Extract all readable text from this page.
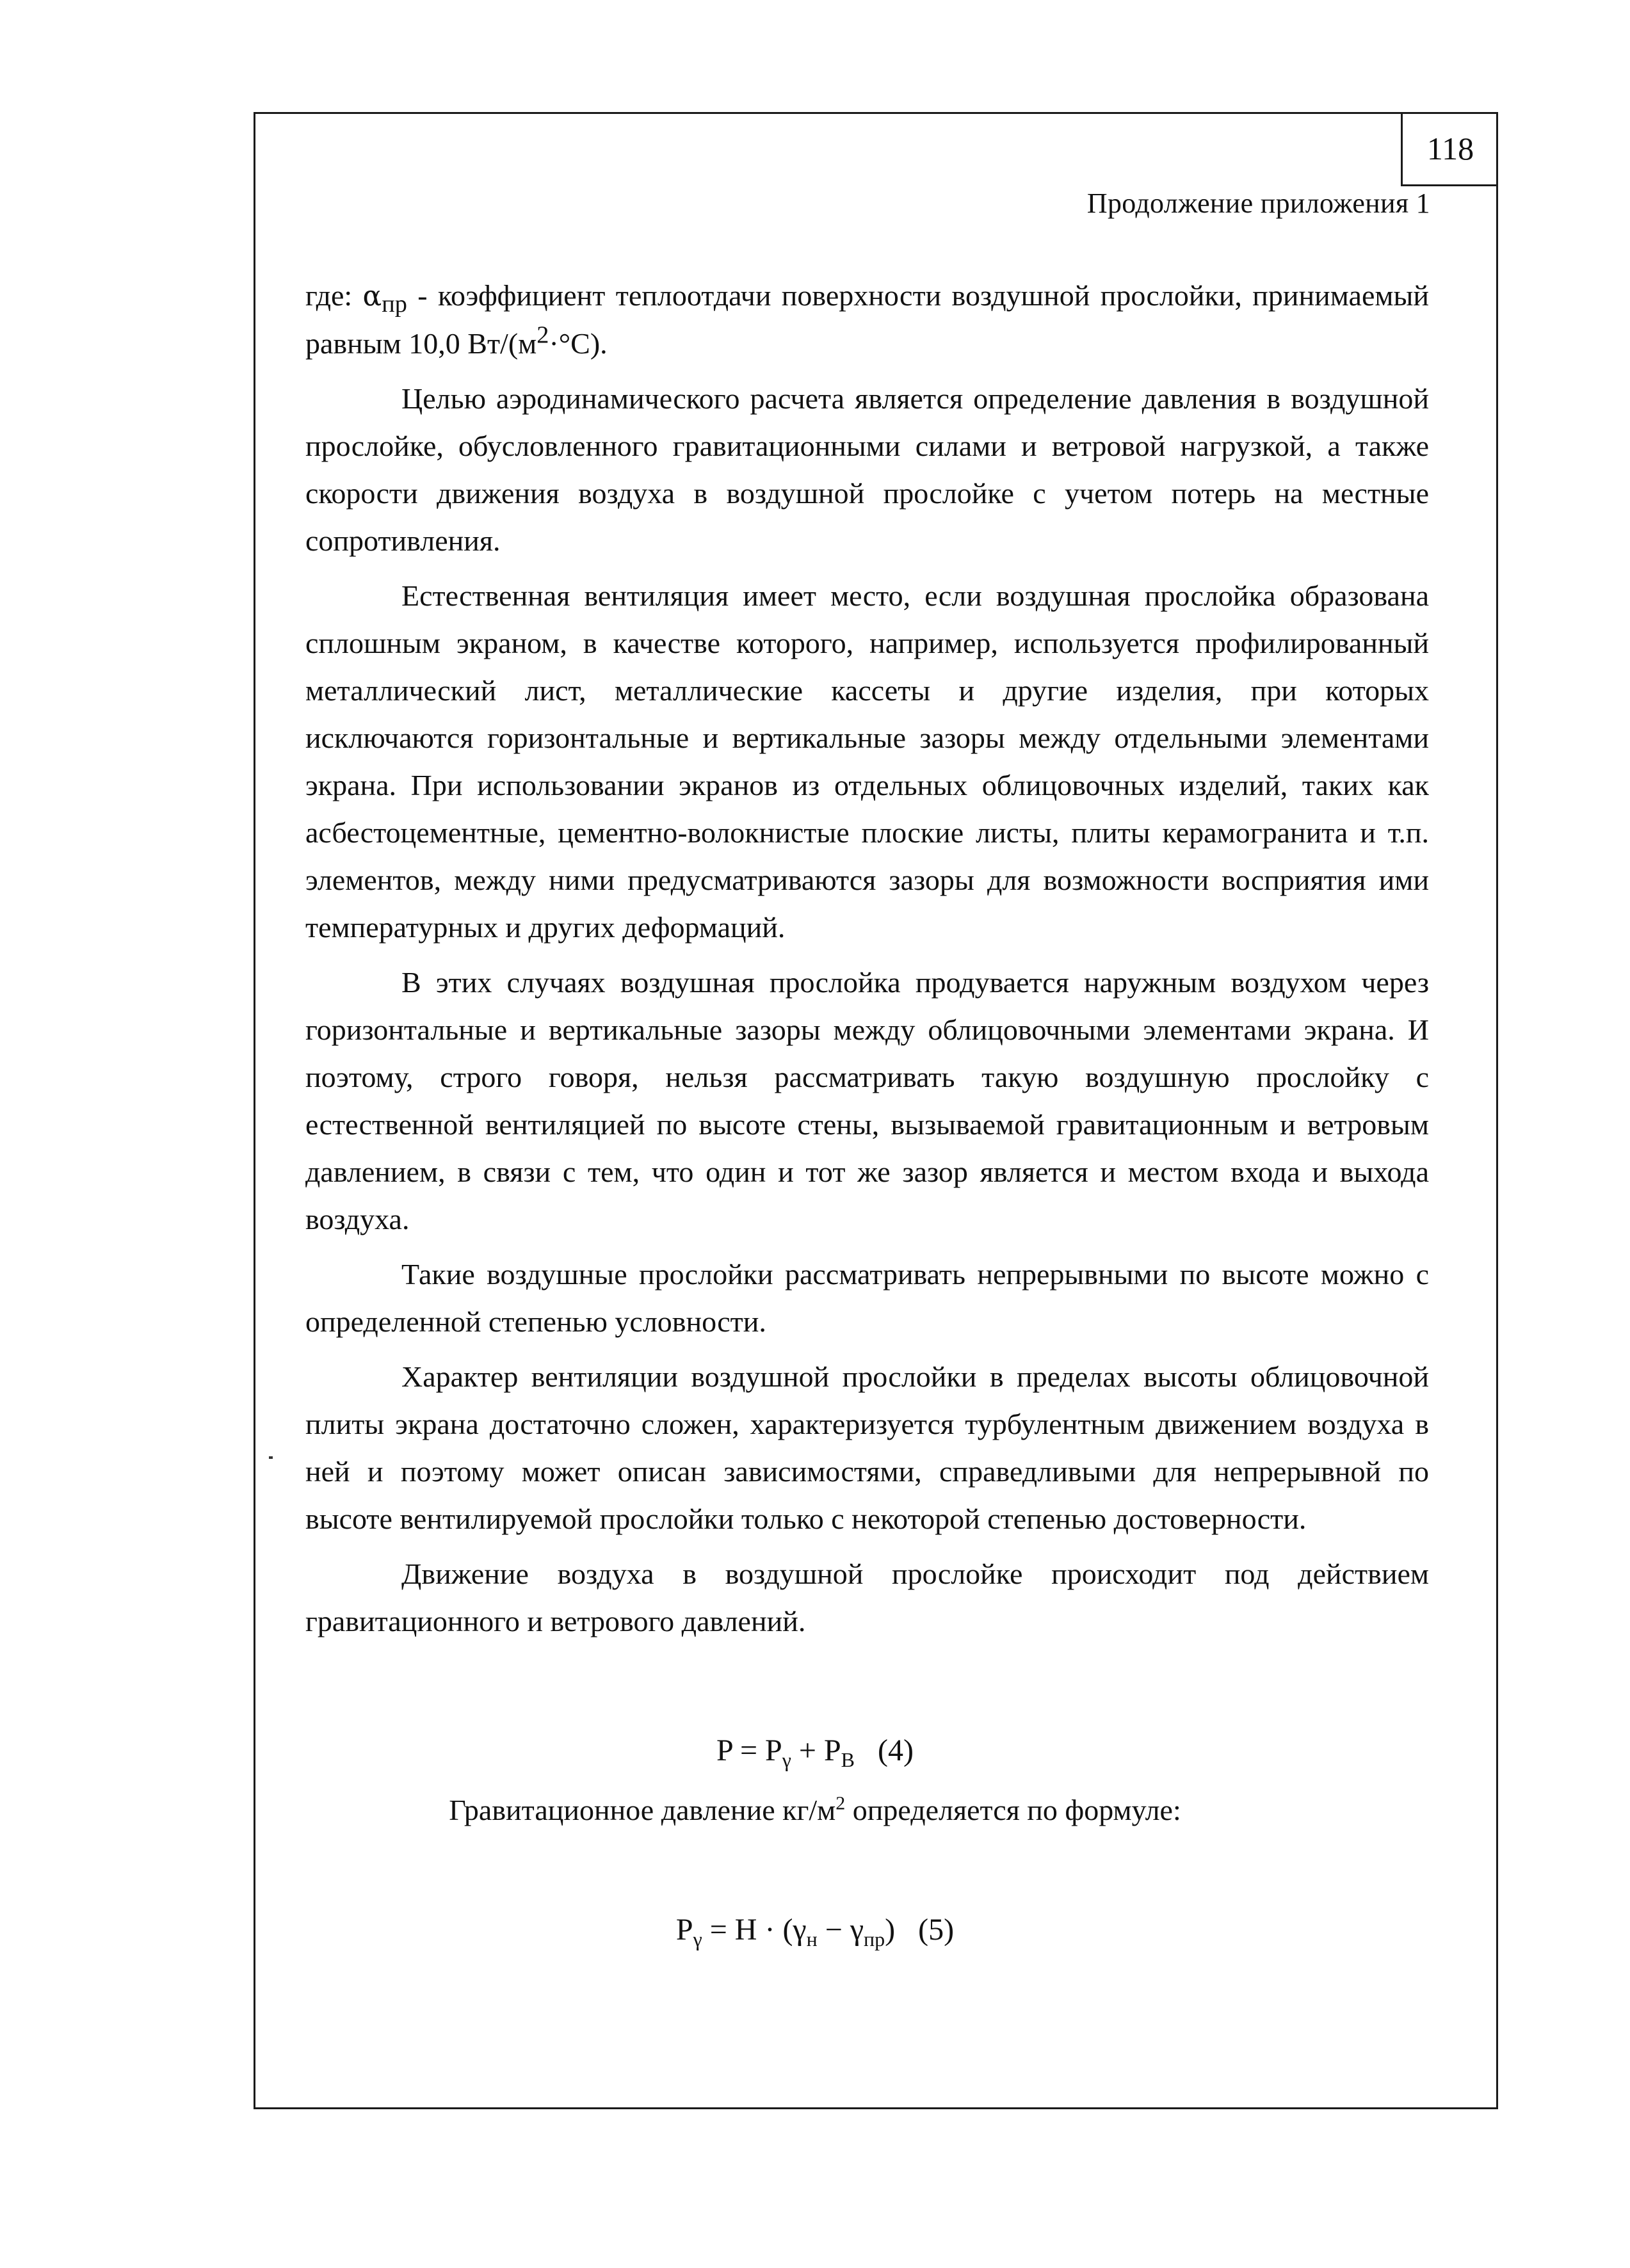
118
Продолжение приложения 1

где: $\alpha_{пр}$ - коэффициент теплоотдачи поверхности воздушной прослойки, принимаемый равным 10,0 $Вт/(м^2\cdot^\circ С)$.

Целью аэродинамического расчета является определение давления в воздушной прослойке, обусловленного гравитационными силами и ветровой нагрузкой, а также скорости движения воздуха в воздушной прослойке с учетом потерь на местные сопротивления.

Естественная вентиляция имеет место, если воздушная прослойка образована сплошным экраном, в качестве которого, например, используется профилированный металлический лист, металлические кассеты и другие изделия, при которых исключаются горизонтальные и вертикальные зазоры между отдельными элементами экрана. При использовании экранов из отдельных облицовочных изделий, таких как асбестоцементные, цементно-волокнистые плоские листы, плиты керамогранита и т.п. элементов, между ними предусматриваются зазоры для возможности восприятия ими температурных и других деформаций.

В этих случаях воздушная прослойка продувается наружным воздухом через горизонтальные и вертикальные зазоры между облицовочными элементами экрана. И поэтому, строго говоря, нельзя рассматривать такую воздушную прослойку с естественной вентиляцией по высоте стены, вызываемой гравитационным и ветровым давлением, в связи с тем, что один и тот же зазор является и местом входа и выхода воздуха.

Такие воздушные прослойки рассматривать непрерывными по высоте можно с определенной степенью условности.

Характер вентиляции воздушной прослойки в пределах высоты облицовочной плиты экрана достаточно сложен, характеризуется турбулентным движением воздуха в ней и поэтому может описан зависимостями, справедливыми для непрерывной по высоте вентилируемой прослойки только с некоторой степенью достоверности.

Движение воздуха в воздушной прослойке происходит под действием гравитационного и ветрового давлений.

$P = P_\gamma + P_В$ (4)
Гравитационное давление $кг/м^2$ определяется по формуле:
$P_\gamma = H \cdot (\gamma_н - \gamma_{пр})$ (5)
